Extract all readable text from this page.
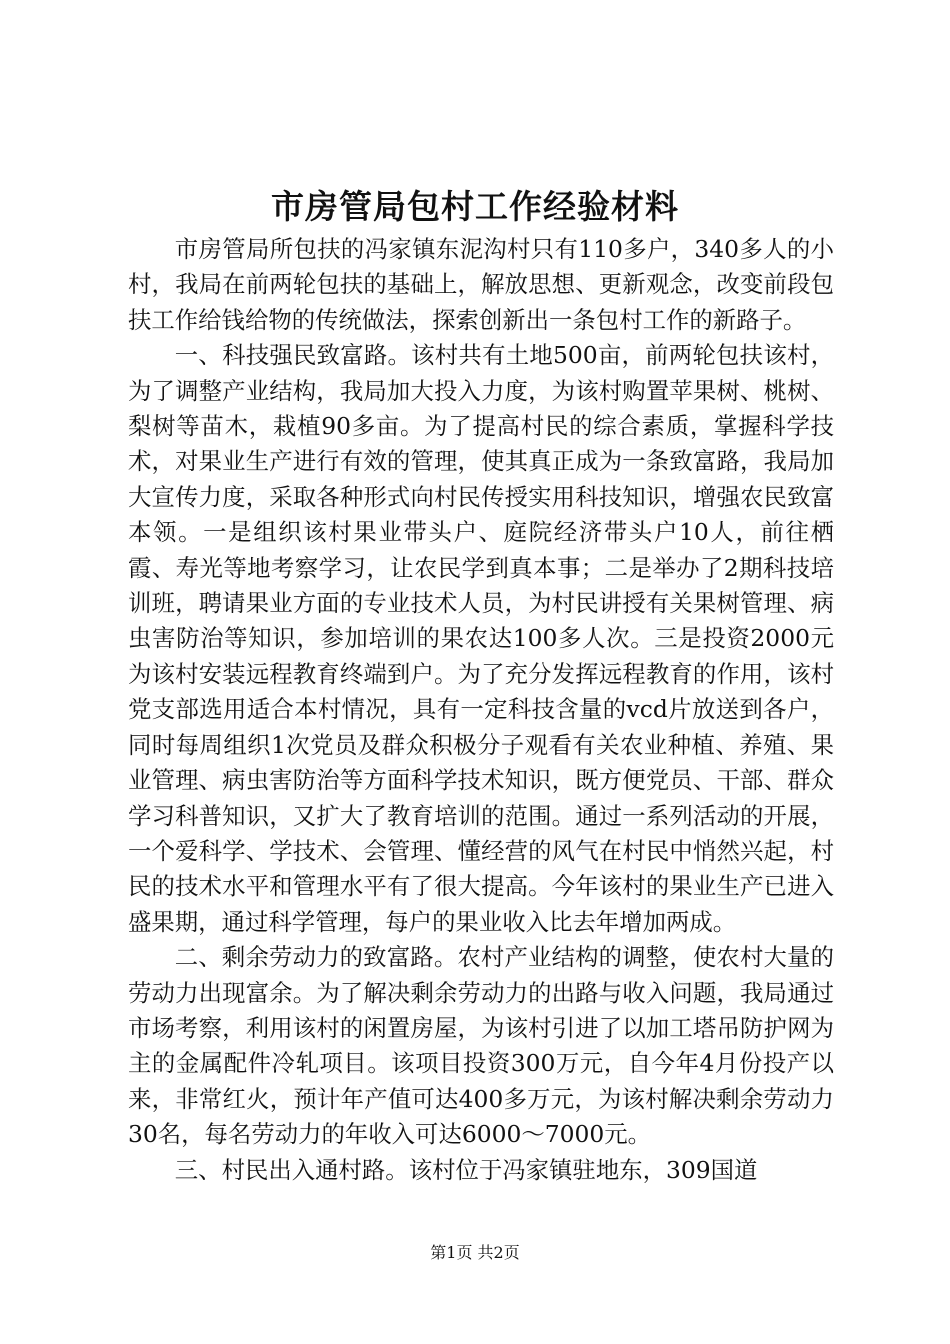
市房管局包村工作经验材料

市房管局所包扶的冯家镇东泥沟村只有110多户，340多人的小村，我局在前两轮包扶的基础上，解放思想、更新观念，改变前段包扶工作给钱给物的传统做法，探索创新出一条包村工作的新路子。

一、科技强民致富路。该村共有土地500亩，前两轮包扶该村，为了调整产业结构，我局加大投入力度，为该村购置苹果树、桃树、梨树等苗木，栽植90多亩。为了提高村民的综合素质，掌握科学技术，对果业生产进行有效的管理，使其真正成为一条致富路，我局加大宣传力度，采取各种形式向村民传授实用科技知识，增强农民致富本领。一是组织该村果业带头户、庭院经济带头户10人，前往栖霞、寿光等地考察学习，让农民学到真本事；二是举办了2期科技培训班，聘请果业方面的专业技术人员，为村民讲授有关果树管理、病虫害防治等知识，参加培训的果农达100多人次。三是投资2000元为该村安装远程教育终端到户。为了充分发挥远程教育的作用，该村党支部选用适合本村情况，具有一定科技含量的vcd片放送到各户，同时每周组织1次党员及群众积极分子观看有关农业种植、养殖、果业管理、病虫害防治等方面科学技术知识，既方便党员、干部、群众学习科普知识，又扩大了教育培训的范围。通过一系列活动的开展，一个爱科学、学技术、会管理、懂经营的风气在村民中悄然兴起，村民的技术水平和管理水平有了很大提高。今年该村的果业生产已进入盛果期，通过科学管理，每户的果业收入比去年增加两成。

二、剩余劳动力的致富路。农村产业结构的调整，使农村大量的劳动力出现富余。为了解决剩余劳动力的出路与收入问题，我局通过市场考察，利用该村的闲置房屋，为该村引进了以加工塔吊防护网为主的金属配件冷轧项目。该项目投资300万元，自今年4月份投产以来，非常红火，预计年产值可达400多万元，为该村解决剩余劳动力30名，每名劳动力的年收入可达6000～7000元。

三、村民出入通村路。该村位于冯家镇驻地东，309国道

第1页 共2页
